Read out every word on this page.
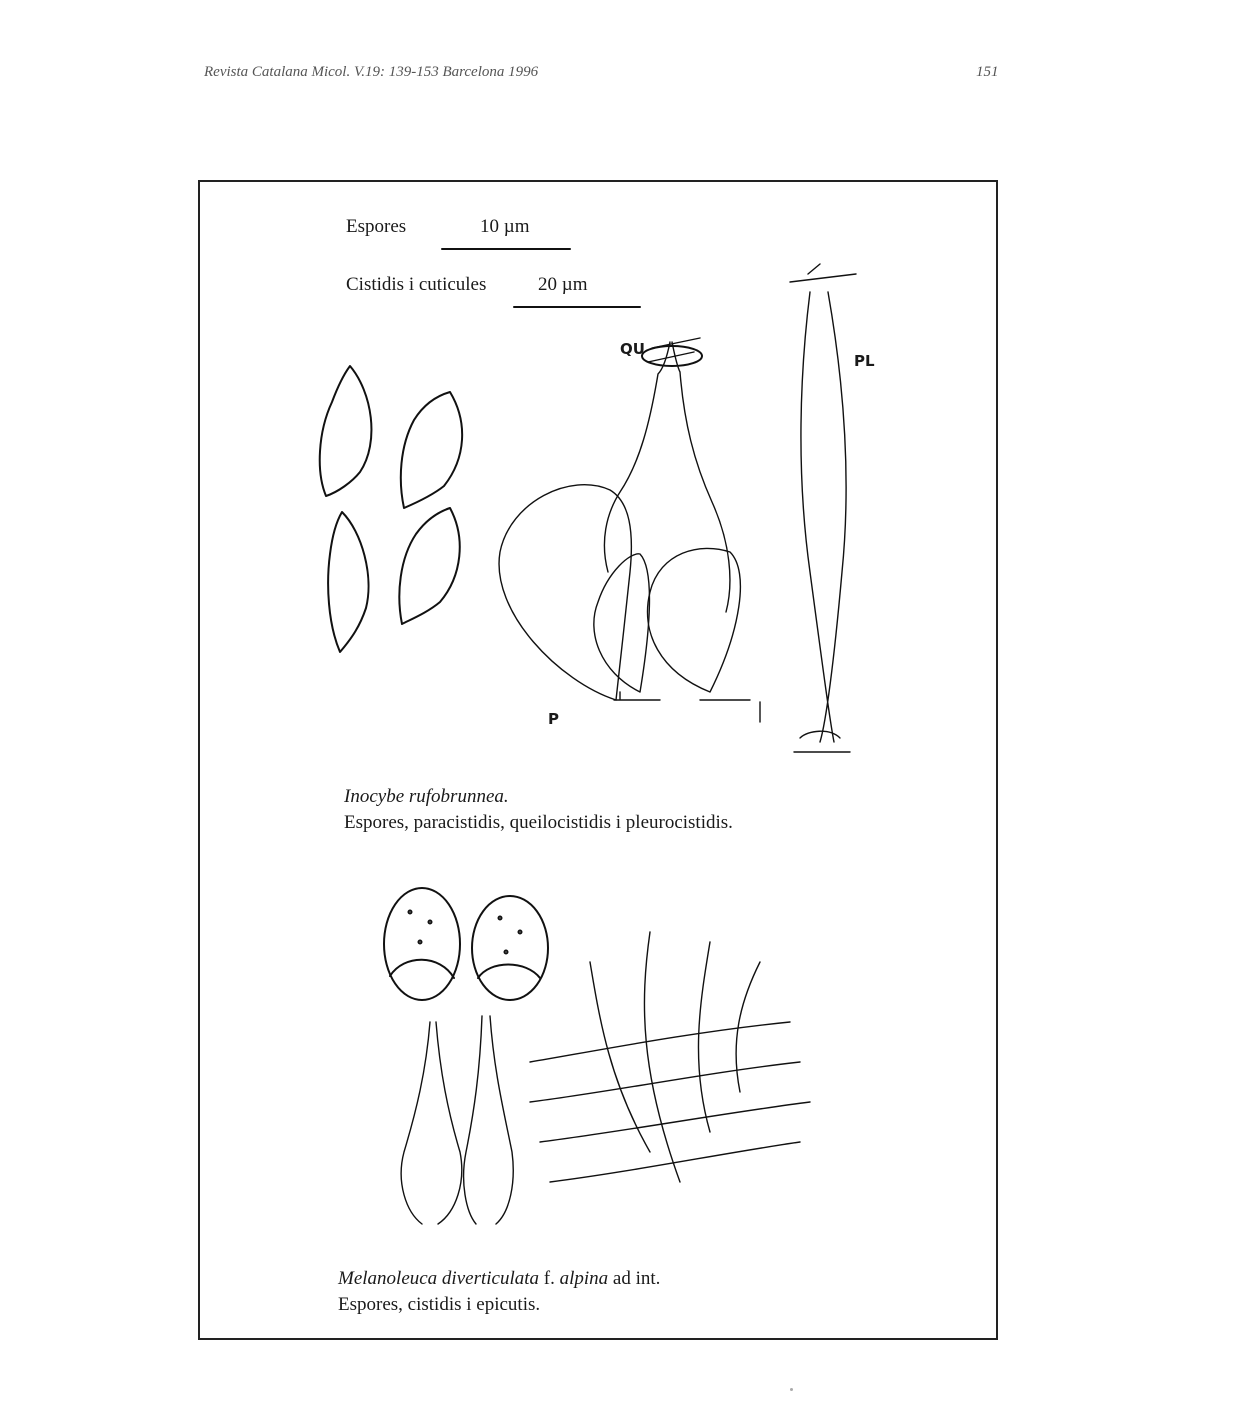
Revista Catalana Micol. V.19: 139-153 Barcelona 1996	151
Espores	10 µm
Cistidis i cuticules	20 µm
QU
PL
P
Inocybe rufobrunnea.
Espores, paracistidis, queilocistidis i pleurocistidis.
Melanoleuca diverticulata f. alpina ad int.
Espores, cistidis i epicutis.
